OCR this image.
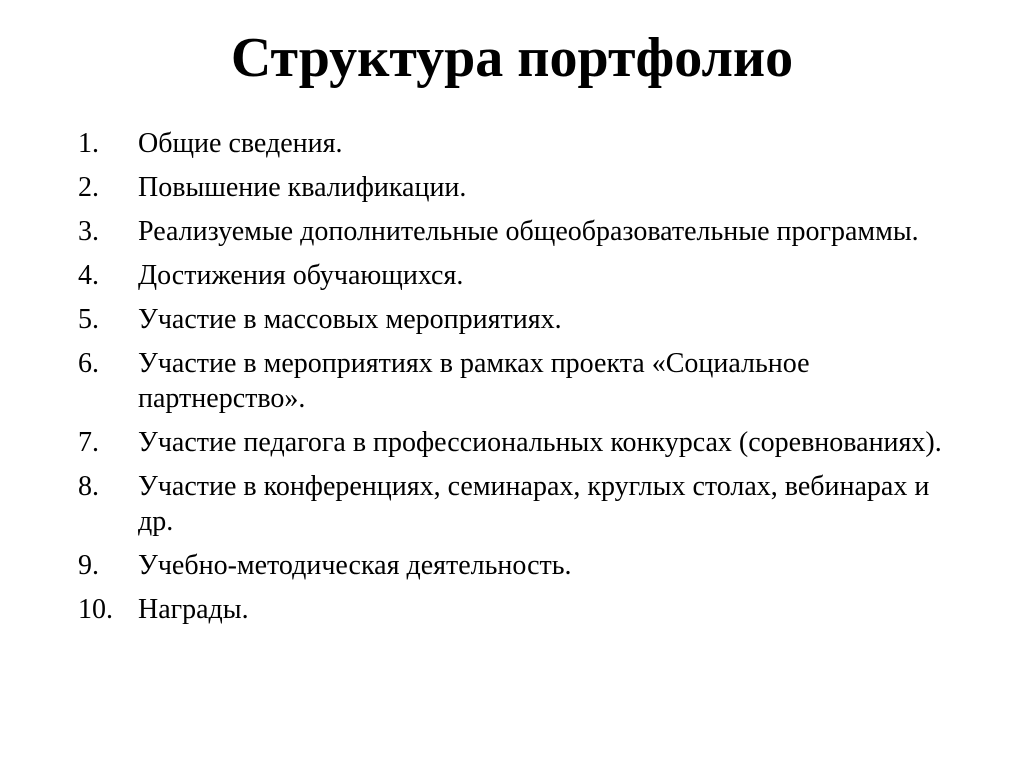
Структура портфолио
1.	Общие сведения.
2.	Повышение квалификации.
3.	Реализуемые дополнительные общеобразовательные программы.
4.	Достижения обучающихся.
5.	Участие в массовых мероприятиях.
6.	Участие в мероприятиях в рамках проекта «Социальное партнерство».
7.	Участие педагога в профессиональных конкурсах (соревнованиях).
8.	Участие в конференциях, семинарах, круглых столах, вебинарах и др.
9.	Учебно-методическая деятельность.
10. Награды.
